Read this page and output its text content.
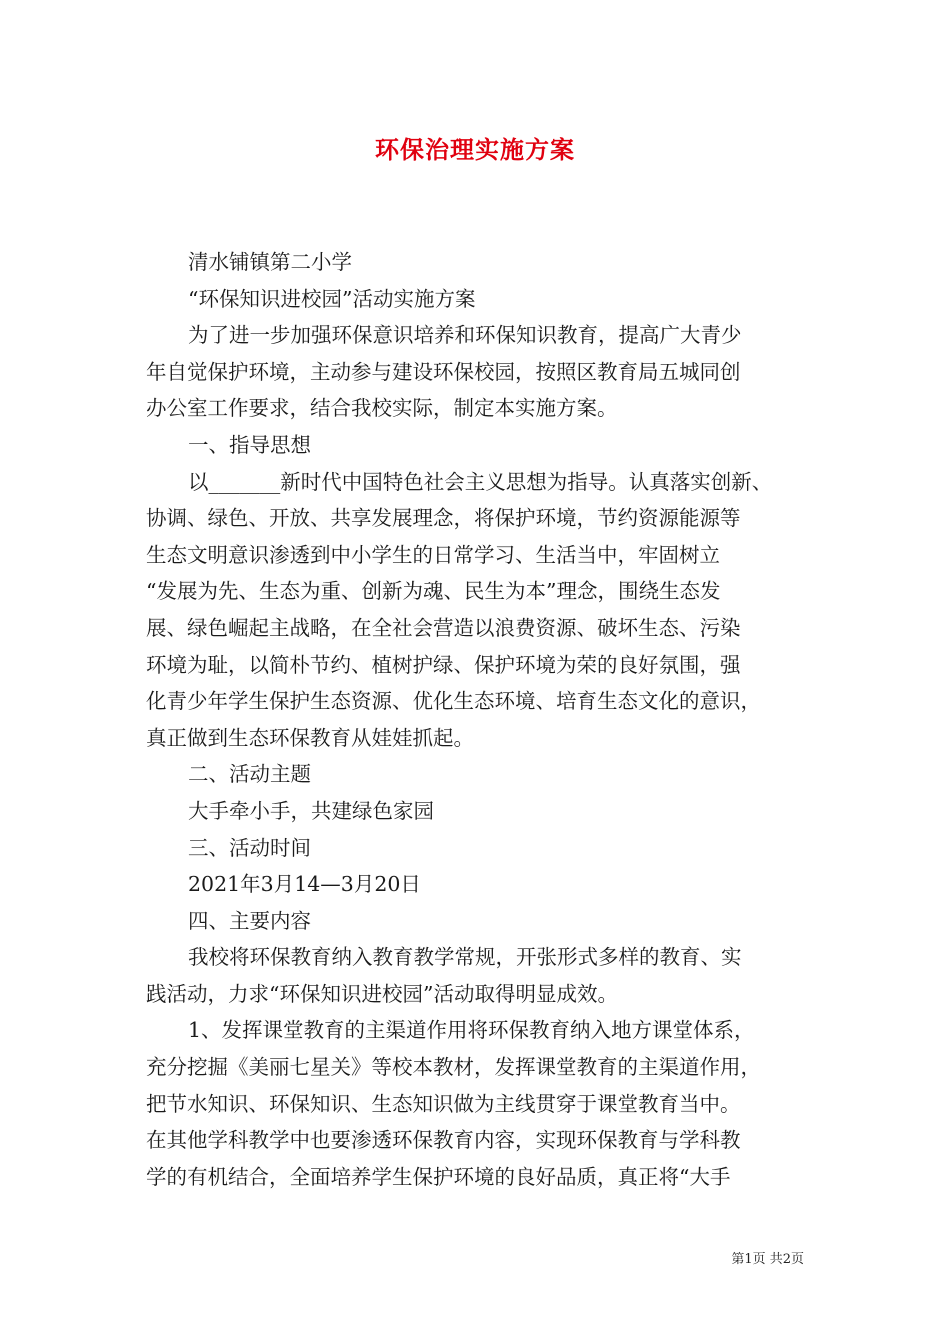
环保治理实施方案
清水铺镇第二小学
“环保知识进校园”活动实施方案
为了进一步加强环保意识培养和环保知识教育，提高广大青少
年自觉保护环境，主动参与建设环保校园，按照区教育局五城同创
办公室工作要求，结合我校实际，制定本实施方案。
一、指导思想
以_______新时代中国特色社会主义思想为指导。认真落实创新、
协调、绿色、开放、共享发展理念，将保护环境，节约资源能源等
生态文明意识渗透到中小学生的日常学习、生活当中，牢固树立
“发展为先、生态为重、创新为魂、民生为本”理念，围绕生态发
展、绿色崛起主战略，在全社会营造以浪费资源、破坏生态、污染
环境为耻，以简朴节约、植树护绿、保护环境为荣的良好氛围，强
化青少年学生保护生态资源、优化生态环境、培育生态文化的意识，
真正做到生态环保教育从娃娃抓起。
二、活动主题
大手牵小手，共建绿色家园
三、活动时间
2021年3月14—3月20日
四、主要内容
我校将环保教育纳入教育教学常规，开张形式多样的教育、实
践活动，力求“环保知识进校园”活动取得明显成效。
1、发挥课堂教育的主渠道作用将环保教育纳入地方课堂体系，
充分挖掘《美丽七星关》等校本教材，发挥课堂教育的主渠道作用，
把节水知识、环保知识、生态知识做为主线贯穿于课堂教育当中。
在其他学科教学中也要渗透环保教育内容，实现环保教育与学科教
学的有机结合，全面培养学生保护环境的良好品质，真正将“大手
第1页 共2页
